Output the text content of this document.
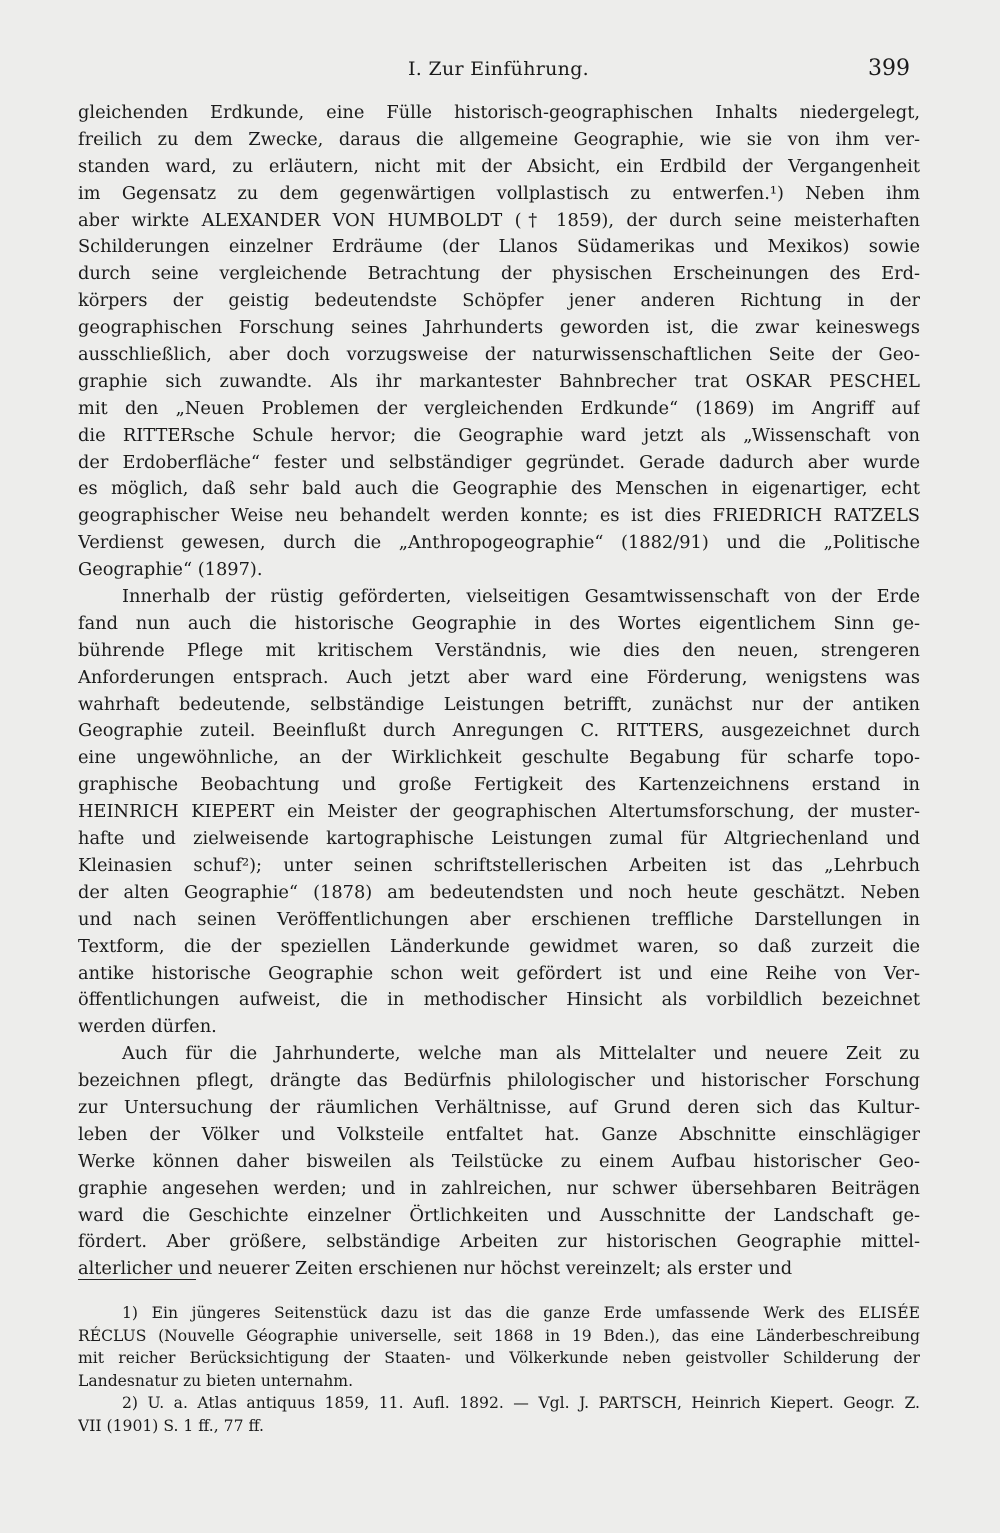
I. Zur Einführung.	399
gleichenden Erdkunde, eine Fülle historisch-geographischen Inhalts niedergelegt,
freilich zu dem Zwecke, daraus die allgemeine Geographie, wie sie von ihm ver-
standen ward, zu erläutern, nicht mit der Absicht, ein Erdbild der Vergangenheit
im Gegensatz zu dem gegenwärtigen vollplastisch zu entwerfen.¹) Neben ihm
aber wirkte ALEXANDER VON HUMBOLDT († 1859), der durch seine meisterhaften
Schilderungen einzelner Erdräume (der Llanos Südamerikas und Mexikos) sowie
durch seine vergleichende Betrachtung der physischen Erscheinungen des Erd-
körpers der geistig bedeutendste Schöpfer jener anderen Richtung in der
geographischen Forschung seines Jahrhunderts geworden ist, die zwar keineswegs
ausschließlich, aber doch vorzugsweise der naturwissenschaftlichen Seite der Geo-
graphie sich zuwandte. Als ihr markantester Bahnbrecher trat OSKAR PESCHEL
mit den „Neuen Problemen der vergleichenden Erdkunde“ (1869) im Angriff auf
die RITTERsche Schule hervor; die Geographie ward jetzt als „Wissenschaft von
der Erdoberfläche“ fester und selbständiger gegründet. Gerade dadurch aber wurde
es möglich, daß sehr bald auch die Geographie des Menschen in eigenartiger, echt
geographischer Weise neu behandelt werden konnte; es ist dies FRIEDRICH RATZELS
Verdienst gewesen, durch die „Anthropogeographie“ (1882/91) und die „Politische
Geographie“ (1897).
Innerhalb der rüstig geförderten, vielseitigen Gesamtwissenschaft von der Erde
fand nun auch die historische Geographie in des Wortes eigentlichem Sinn ge-
bührende Pflege mit kritischem Verständnis, wie dies den neuen, strengeren
Anforderungen entsprach. Auch jetzt aber ward eine Förderung, wenigstens was
wahrhaft bedeutende, selbständige Leistungen betrifft, zunächst nur der antiken
Geographie zuteil. Beeinflußt durch Anregungen C. RITTERS, ausgezeichnet durch
eine ungewöhnliche, an der Wirklichkeit geschulte Begabung für scharfe topo-
graphische Beobachtung und große Fertigkeit des Kartenzeichnens erstand in
HEINRICH KIEPERT ein Meister der geographischen Altertumsforschung, der muster-
hafte und zielweisende kartographische Leistungen zumal für Altgriechenland und
Kleinasien schuf²); unter seinen schriftstellerischen Arbeiten ist das „Lehrbuch
der alten Geographie“ (1878) am bedeutendsten und noch heute geschätzt. Neben
und nach seinen Veröffentlichungen aber erschienen treffliche Darstellungen in
Textform, die der speziellen Länderkunde gewidmet waren, so daß zurzeit die
antike historische Geographie schon weit gefördert ist und eine Reihe von Ver-
öffentlichungen aufweist, die in methodischer Hinsicht als vorbildlich bezeichnet
werden dürfen.
Auch für die Jahrhunderte, welche man als Mittelalter und neuere Zeit zu
bezeichnen pflegt, drängte das Bedürfnis philologischer und historischer Forschung
zur Untersuchung der räumlichen Verhältnisse, auf Grund deren sich das Kultur-
leben der Völker und Volksteile entfaltet hat. Ganze Abschnitte einschlägiger
Werke können daher bisweilen als Teilstücke zu einem Aufbau historischer Geo-
graphie angesehen werden; und in zahlreichen, nur schwer übersehbaren Beiträgen
ward die Geschichte einzelner Örtlichkeiten und Ausschnitte der Landschaft ge-
fördert. Aber größere, selbständige Arbeiten zur historischen Geographie mittel-
alterlicher und neuerer Zeiten erschienen nur höchst vereinzelt; als erster und
1) Ein jüngeres Seitenstück dazu ist das die ganze Erde umfassende Werk des ELISÉE
RÉCLUS (Nouvelle Géographie universelle, seit 1868 in 19 Bden.), das eine Länderbeschreibung
mit reicher Berücksichtigung der Staaten- und Völkerkunde neben geistvoller Schilderung der
Landesnatur zu bieten unternahm.
2) U. a. Atlas antiquus 1859, 11. Aufl. 1892. — Vgl. J. PARTSCH, Heinrich Kiepert. Geogr. Z.
VII (1901) S. 1 ff., 77 ff.
